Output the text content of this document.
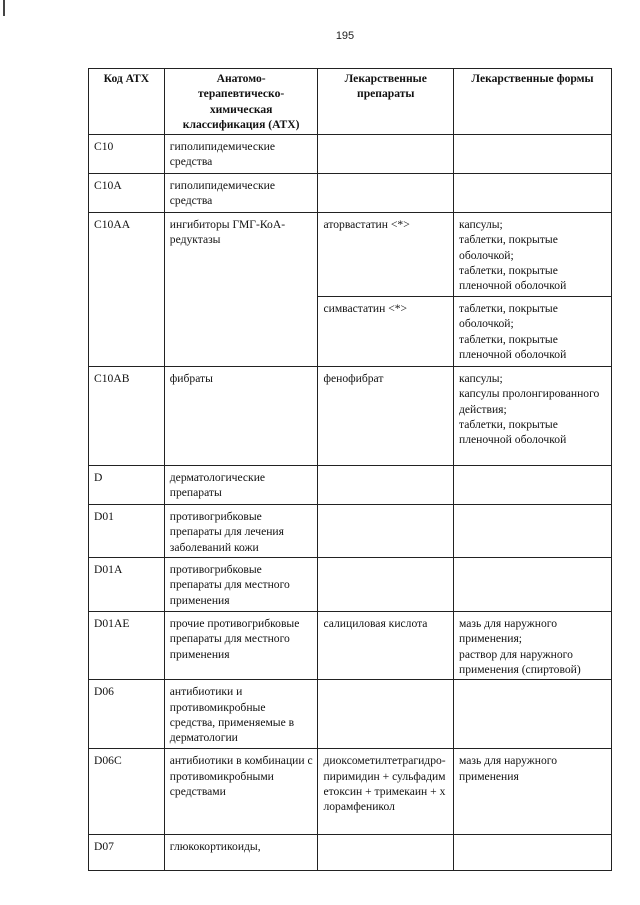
195
Код АТХ	Анатомо-терапевтическо-химическая классификация (АТХ)	Лекарственные препараты	Лекарственные формы
C10	гиполипидемические средства		
C10A	гиполипидемические средства		
C10AA	ингибиторы ГМГ-КоА-редуктазы	аторвастатин <*>	капсулы;
таблетки, покрытые оболочкой;
таблетки, покрытые пленочной оболочкой

		симвастатин <*>	таблетки, покрытые оболочкой;
таблетки, покрытые пленочной оболочкой

C10AB	фибраты	фенофибрат	капсулы;
капсулы пролонгированного действия;
таблетки, покрытые пленочной оболочкой

D	дерматологические препараты		
D01	противогрибковые препараты для лечения заболеваний кожи		
D01A	противогрибковые препараты для местного применения		
D01AE	прочие противогрибковые препараты для местного применения	салициловая кислота	мазь для наружного применения;
раствор для наружного применения (спиртовой)

D06	антибиотики и противомикробные средства, применяемые в дерматологии		
D06C	антибиотики в комбинации с противомикробными средствами	диоксометилтетрагидро-пиримидин + сульфадиметоксин + тримекаин + хлорамфеникол	мазь для наружного применения

D07	глюкокортикоиды,		
